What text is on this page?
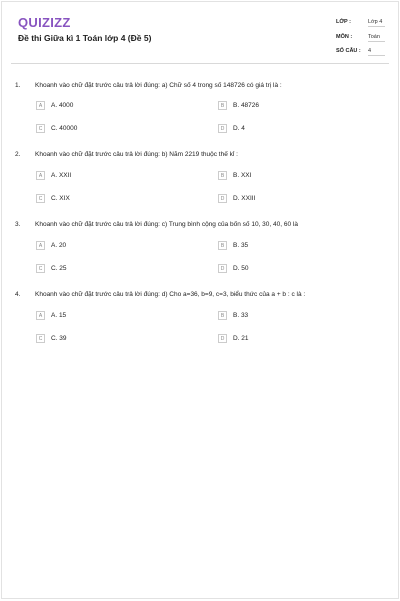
QUIZIZZ
Đề thi Giữa kì 1 Toán lớp 4 (Đề 5)
LỚP :	Lớp 4
MÔN :	Toán
SỐ CÂU : 4
1. Khoanh vào chữ đặt trước câu trả lời đúng: a) Chữ số 4 trong số 148726 có giá trị là :
A	A. 4000	B	B. 48726
C	C. 40000	D	D. 4
2. Khoanh vào chữ đặt trước câu trả lời đúng: b) Năm 2219 thuộc thế kỉ :
A	A. XXII	B	B. XXI
C	C. XIX	D	D. XXIII
3. Khoanh vào chữ đặt trước câu trả lời đúng: c) Trung bình cộng của bốn số 10, 30, 40, 60 là
A	A. 20	B	B. 35
C	C. 25	D	D. 50
4. Khoanh vào chữ đặt trước câu trả lời đúng: d) Cho a=36, b=9, c=3, biểu thức của a + b : c là :
A	A. 15	B	B. 33
C	C. 39	D	D. 21
